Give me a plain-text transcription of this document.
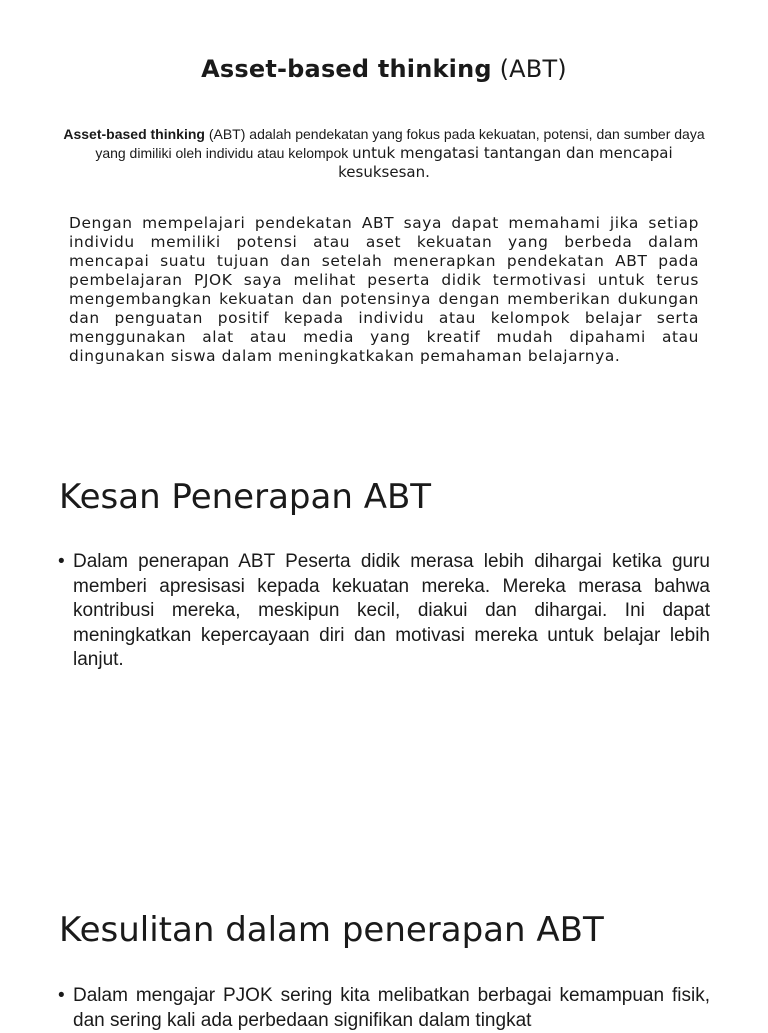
Asset-based thinking (ABT)
Asset-based thinking (ABT) adalah pendekatan yang fokus pada kekuatan, potensi, dan sumber daya yang dimiliki oleh individu atau kelompok untuk mengatasi tantangan dan mencapai kesuksesan.
Dengan mempelajari pendekatan ABT saya dapat memahami jika setiap individu memiliki potensi atau aset kekuatan yang berbeda dalam mencapai suatu tujuan dan setelah menerapkan pendekatan ABT pada pembelajaran PJOK saya melihat peserta didik termotivasi untuk terus mengembangkan kekuatan dan potensinya dengan memberikan dukungan dan penguatan positif kepada individu atau kelompok belajar serta menggunakan alat atau media yang kreatif mudah dipahami atau dingunakan siswa dalam meningkatkakan pemahaman belajarnya.
Kesan Penerapan ABT
• Dalam penerapan ABT Peserta didik merasa lebih dihargai ketika guru memberi apresisasi kepada kekuatan mereka. Mereka merasa bahwa kontribusi mereka, meskipun kecil, diakui dan dihargai. Ini dapat meningkatkan kepercayaan diri dan motivasi mereka untuk belajar lebih lanjut.
Kesulitan dalam penerapan ABT
• Dalam mengajar PJOK sering kita melibatkan berbagai kemampuan fisik, dan sering kali ada perbedaan signifikan dalam tingkat
